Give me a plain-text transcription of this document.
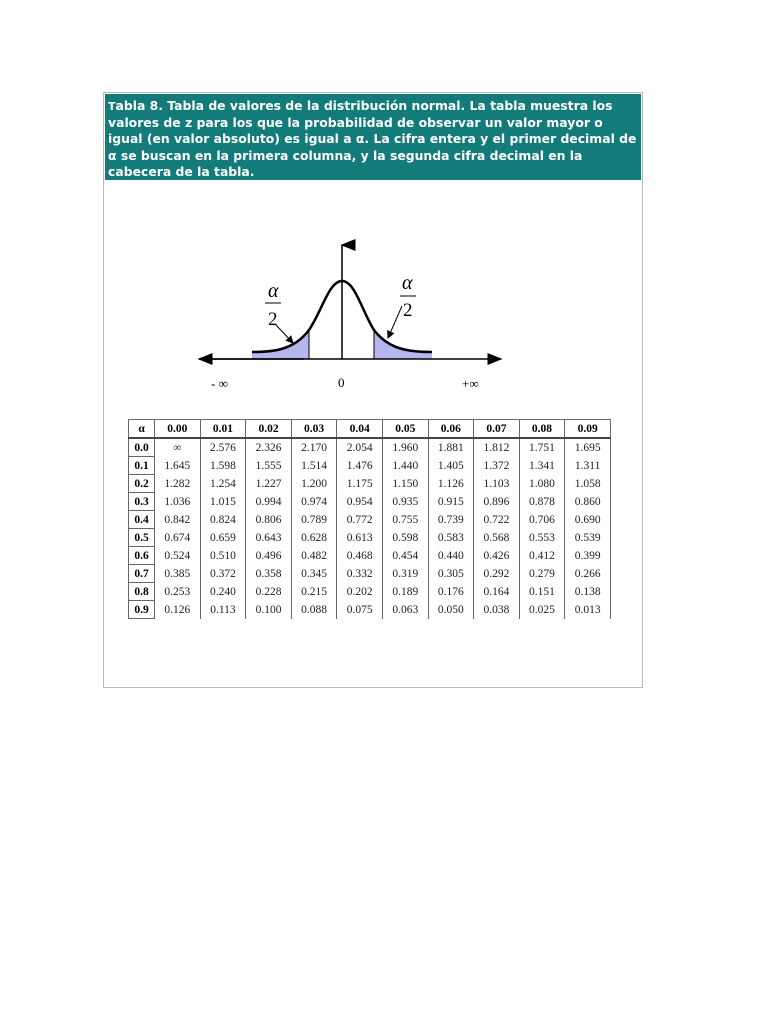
Tabla 8. Tabla de valores de la distribución normal. La tabla muestra los valores de z para los que la probabilidad de observar un valor mayor o igual (en valor absoluto) es igual a α. La cifra entera y el primer decimal de α se buscan en la primera columna, y la segunda cifra decimal en la cabecera de la tabla.
α
2
α
2
- ∞	0	+∞
α	0.00	0.01	0.02	0.03	0.04	0.05	0.06	0.07	0.08	0.09
0.0	∞	2.576	2.326	2.170	2.054	1.960	1.881	1.812	1.751	1.695
0.1	1.645	1.598	1.555	1.514	1.476	1.440	1.405	1.372	1.341	1.311
0.2	1.282	1.254	1.227	1.200	1.175	1.150	1.126	1.103	1.080	1.058
0.3	1.036	1.015	0.994	0.974	0.954	0.935	0.915	0.896	0.878	0.860
0.4	0.842	0.824	0.806	0.789	0.772	0.755	0.739	0.722	0.706	0.690
0.5	0.674	0.659	0.643	0.628	0.613	0.598	0.583	0.568	0.553	0.539
0.6	0.524	0.510	0.496	0.482	0.468	0.454	0.440	0.426	0.412	0.399
0.7	0.385	0.372	0.358	0.345	0.332	0.319	0.305	0.292	0.279	0.266
0.8	0.253	0.240	0.228	0.215	0.202	0.189	0.176	0.164	0.151	0.138
0.9	0.126	0.113	0.100	0.088	0.075	0.063	0.050	0.038	0.025	0.013
